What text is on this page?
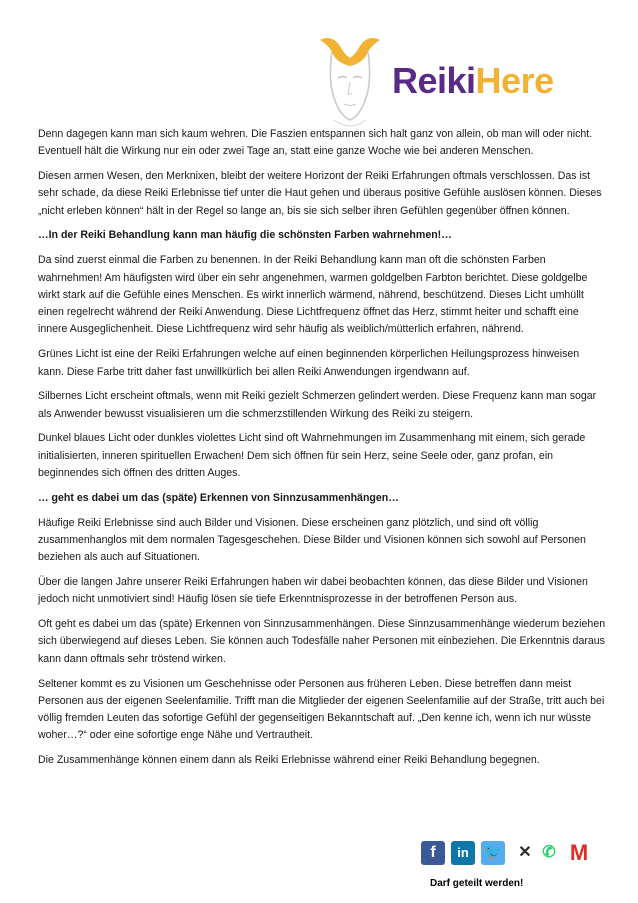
ReikiHere

Denn dagegen kann man sich kaum wehren. Die Faszien entspannen sich halt ganz von allein, ob man will oder nicht. Eventuell hält die Wirkung nur ein oder zwei Tage an, statt eine ganze Woche wie bei anderen Menschen.

Diesen armen Wesen, den Merknixen, bleibt der weitere Horizont der Reiki Erfahrungen oftmals verschlossen. Das ist sehr schade, da diese Reiki Erlebnisse tief unter die Haut gehen und überaus positive Gefühle auslösen können. Dieses „nicht erleben können“ hält in der Regel so lange an, bis sie sich selber ihren Gefühlen gegenüber öffnen können.

…In der Reiki Behandlung kann man häufig die schönsten Farben wahrnehmen!…

Da sind zuerst einmal die Farben zu benennen. In der Reiki Behandlung kann man oft die schönsten Farben wahrnehmen! Am häufigsten wird über ein sehr angenehmen, warmen goldgelben Farbton berichtet. Diese goldgelbe wirkt stark auf die Gefühle eines Menschen. Es wirkt innerlich wärmend, nährend, beschützend. Dieses Licht umhüllt einen regelrecht während der Reiki Anwendung. Diese Lichtfrequenz öffnet das Herz, stimmt heiter und schafft eine innere Ausgeglichenheit. Diese Lichtfrequenz wird sehr häufig als weiblich/mütterlich erfahren, nährend.

Grünes Licht ist eine der Reiki Erfahrungen welche auf einen beginnenden körperlichen Heilungsprozess hinweisen kann. Diese Farbe tritt daher fast unwillkürlich bei allen Reiki Anwendungen irgendwann auf.

Silbernes Licht erscheint oftmals, wenn mit Reiki gezielt Schmerzen gelindert werden. Diese Frequenz kann man sogar als Anwender bewusst visualisieren um die schmerzstillenden Wirkung des Reiki zu steigern.

Dunkel blaues Licht oder dunkles violettes Licht sind oft Wahrnehmungen im Zusammenhang mit einem, sich gerade initialisierten, inneren spirituellen Erwachen! Dem sich öffnen für sein Herz, seine Seele oder, ganz profan, ein beginnendes sich öffnen des dritten Auges.

… geht es dabei um das (späte) Erkennen von Sinnzusammenhängen…

Häufige Reiki Erlebnisse sind auch Bilder und Visionen. Diese erscheinen ganz plötzlich, und sind oft völlig zusammenhanglos mit dem normalen Tagesgeschehen. Diese Bilder und Visionen können sich sowohl auf Personen beziehen als auch auf Situationen.

Über die langen Jahre unserer Reiki Erfahrungen haben wir dabei beobachten können, das diese Bilder und Visionen jedoch nicht unmotiviert sind! Häufig lösen sie tiefe Erkenntnisprozesse in der betroffenen Person aus.

Oft geht es dabei um das (späte) Erkennen von Sinnzusammenhängen. Diese Sinnzusammenhänge wiederum beziehen sich überwiegend auf dieses Leben. Sie können auch Todesfälle naher Personen mit einbeziehen. Die Erkenntnis daraus kann dann oftmals sehr tröstend wirken.

Seltener kommt es zu Visionen um Geschehnisse oder Personen aus früheren Leben. Diese betreffen dann meist Personen aus der eigenen Seelenfamilie. Trifft man die Mitglieder der eigenen Seelenfamilie auf der Straße, tritt auch bei völlig fremden Leuten das sofortige Gefühl der gegenseitigen Bekanntschaft auf. „Den kenne ich, wenn ich nur wüsste woher…?“ oder eine sofortige enge Nähe und Vertrautheit.

Die Zusammenhänge können einem dann als Reiki Erlebnisse während einer Reiki Behandlung begegnen.

f	in 🐦 ✕ ✆ M
Darf geteilt werden!
